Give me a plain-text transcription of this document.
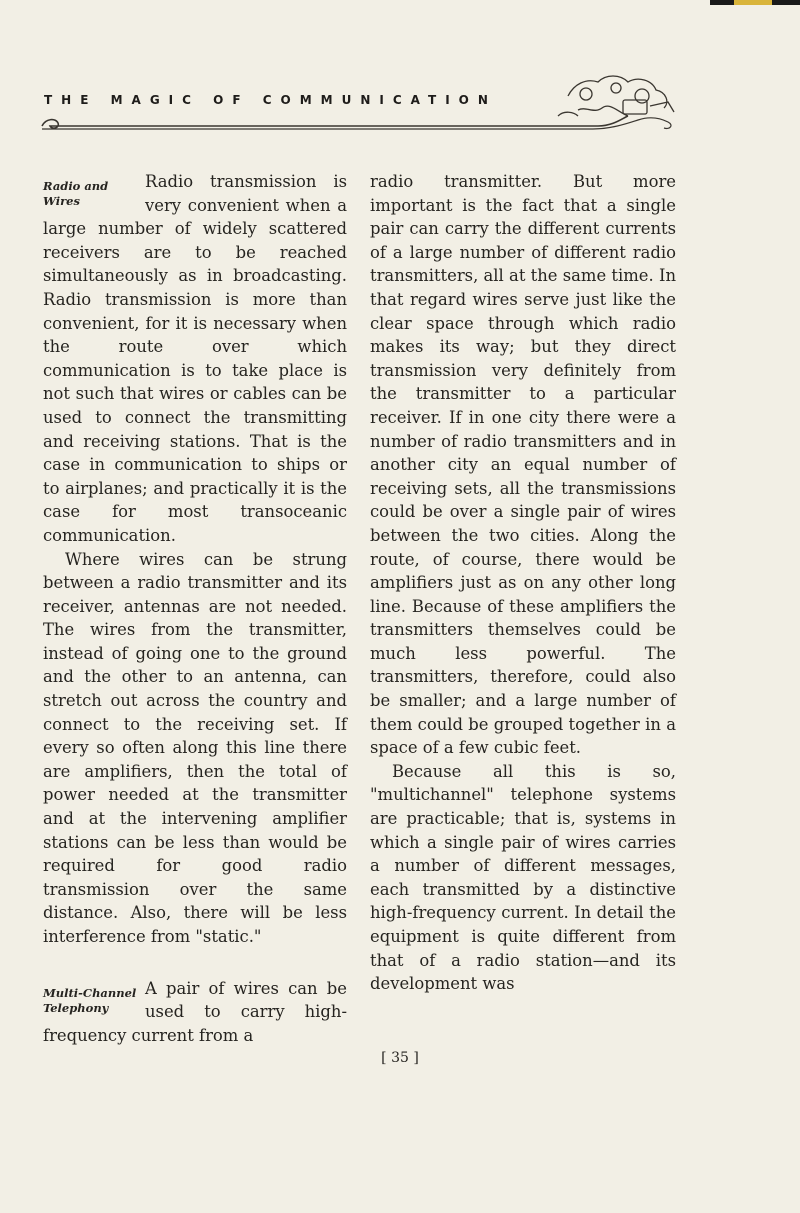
THE MAGIC OF COMMUNICATION
Radio and
Wires

Radio transmission is very convenient when a large number of widely scattered receivers are to be reached simultaneously as in broadcasting. Radio transmission is more than convenient, for it is necessary when the route over which communication is to take place is not such that wires or cables can be used to connect the transmitting and receiving stations. That is the case in communication to ships or to airplanes; and practically it is the case for most transoceanic communication.

Where wires can be strung between a radio transmitter and its receiver, antennas are not needed. The wires from the transmitter, instead of going one to the ground and the other to an antenna, can stretch out across the country and connect to the receiving set. If every so often along this line there are amplifiers, then the total of power needed at the transmitter and at the intervening amplifier stations can be less than would be required for good radio transmission over the same distance. Also, there will be less interference from "static."

Multi-Channel
Telephony

A pair of wires can be used to carry high-frequency current from a

radio transmitter. But more important is the fact that a single pair can carry the different currents of a large number of different radio transmitters, all at the same time. In that regard wires serve just like the clear space through which radio makes its way; but they direct transmission very definitely from the transmitter to a particular receiver. If in one city there were a number of radio transmitters and in another city an equal number of receiving sets, all the transmissions could be over a single pair of wires between the two cities. Along the route, of course, there would be amplifiers just as on any other long line. Because of these amplifiers the transmitters themselves could be much less powerful. The transmitters, therefore, could also be smaller; and a large number of them could be grouped together in a space of a few cubic feet.

Because all this is so, "multichannel" telephone systems are practicable; that is, systems in which a single pair of wires carries a number of different messages, each transmitted by a distinctive high-frequency current. In detail the equipment is quite different from that of a radio station—and its development was

[ 35 ]
